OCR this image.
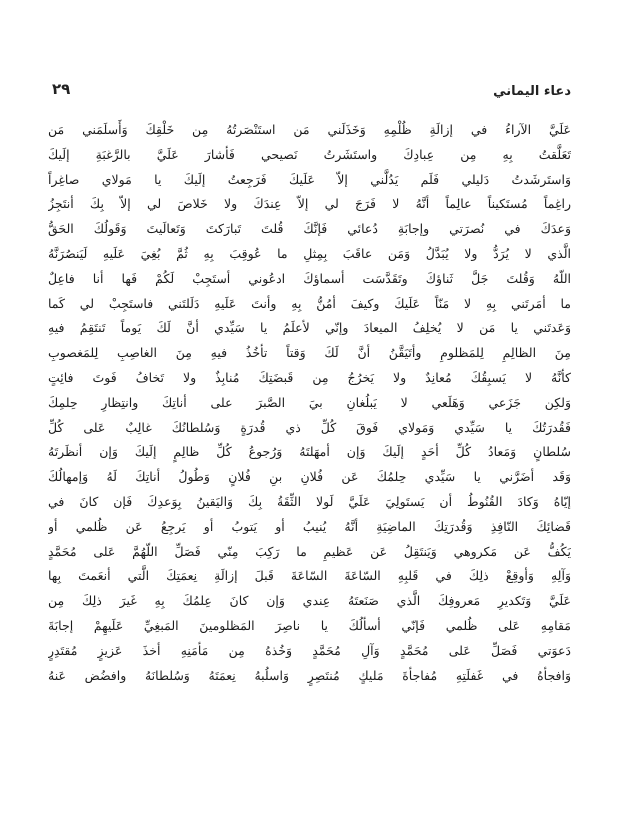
دعاء اليماني
٢٩
عَلَيَّ الآراءُ في إزالَةِ ظُلْمِهِ وَخَذَلَني مَن استَنْصَرتُهُ مِن خَلْقِكَ وَأَسلَمَني مَن
تَعَلَّقتُ بِهِ مِن عِبادِكَ واستَشَرتُ نَصيحي فَأشارَ عَلَيَّ بالرَّغبَةِ إلَيكَ
وَاستَرشَدتُ دَليلي فَلَم يَدُلَّني إلاّ عَلَيكَ فَرَجِعتُ إلَيكَ يا مَولاي صاغِراً
راغِماً مُستَكيناً عالِماً أنَّهُ لا فَرَجَ لي إلاّ عِندَكَ ولا خَلاصَ لي إلاّ بِكَ أنتَجِزُ
وَعدَكَ في نُصرَتي وإجابَةِ دُعائي فَإنَّكَ قُلتَ تَبارَكتَ وَتَعالَيتَ وَقَولُكَ الحَقُّ
الَّذي لا يُرَدُّ ولا يُبَدَّلُ وَمَن عاقَبَ بِمِثلِ ما عُوقِبَ بِهِ ثُمَّ بُغِيَ عَلَيهِ لَيَنصُرَنَّهُ
اللّهُ وَقُلتَ جَلَّ ثَناؤكَ وتَقَدَّسَت أسماؤكَ ادعُوني أستَجِبْ لَكُمْ فَها أنا فاعِلٌ
ما أمَرتَني بِهِ لا مَنّاً عَلَيكَ وكيفَ أمُنُّ بِهِ وأنتَ عَلَيهِ دَلَلتَني فاستَجِبْ لي كَما
وَعَدتَني يا مَن لا يُخلِفُ الميعادَ وإنّي لأعلَمُ يا سَيِّدي أنَّ لَكَ يَوماً تَنتَقِمُ فيهِ
مِنَ الظالِمِ لِلمَظلومِ وأتَيَقَّنُ أنَّ لَكَ وَقتاً تأخُذُ فيهِ مِنَ الغاصِبِ لِلمَغصوبِ
كأنَّهُ لا يَسبِقُكَ مُعانِدٌ ولا يَخرُجُ مِن قَبضَتِكَ مُنابِذٌ ولا تَخافُ فَوتَ فائِتٍ
وَلكِن جَزَعي وَهَلَعي لا يَبلُغانِ بيَ الصَّبرَ على أناتِكَ وانتِظارِ حِلمِكَ
فَقُدرَتُكَ يا سَيِّدي وَمَولاي فَوقَ كُلِّ ذي قُدرَةٍ وَسُلطانُكَ غالِبٌ عَلى كُلِّ
سُلطانٍ وَمَعادُ كُلِّ أحَدٍ إلَيكَ وَإن أمهَلتَهُ وَرُجوعُ كُلِّ ظالِمٍ إلَيكَ وَإن أنظَرتَهُ
وَقَد أضَرَّني يا سَيِّدي حِلمُكَ عَن فُلانِ بنِ فُلانٍ وَطُولُ أناتِكَ لَهُ وَإمهالُكَ
إيّاهُ وَكادَ القُنُوطُ أن يَستَولِيَ عَلَيَّ لَولا الثِّقَةُ بِكَ وَاليَقينُ بِوَعدِكَ فَإن كانَ في
قَضائِكَ النّافِذِ وَقُدرَتِكَ الماضِيَةِ أنَّهُ يُنيبُ أو يَتوبُ أو يَرجِعُ عَن ظُلمي أو
يَكُفُّ عَن مَكروهي وَيَنتَقِلُ عَن عَظيمِ ما رَكِبَ مِنّي فَصَلِّ اللّهُمَّ عَلى مُحَمَّدٍ
وَآلِهِ وَأوقِعْ ذلِكَ في قَلبِهِ السّاعَةَ السّاعَةَ قَبلَ إزالَةِ نِعمَتِكَ الَّتي أنعَمتَ بِها
عَلَيَّ وَتَكديرِ مَعروفِكَ الَّذي صَنَعتَهُ عِندي وَإن كانَ عِلمُكَ بِهِ غَيرَ ذلِكَ مِن
مَقامِهِ عَلى ظُلمي فَإنّي أسألُكَ يا ناصِرَ المَظلومينَ المَبغِيِّ عَلَيهِمْ إجابَةَ
دَعوَتي فَصَلِّ عَلى مُحَمَّدٍ وَآلِ مُحَمَّدٍ وَخُذهُ مِن مَأمَنِهِ أخذَ عَزيزٍ مُقتَدِرٍ
وَافجأهُ في غَفلَتِهِ مُفاجأةَ مَليكٍ مُنتَصِرٍ وَاسلُبهُ نِعمَتَهُ وَسُلطانَهُ وافضُض عَنهُ
